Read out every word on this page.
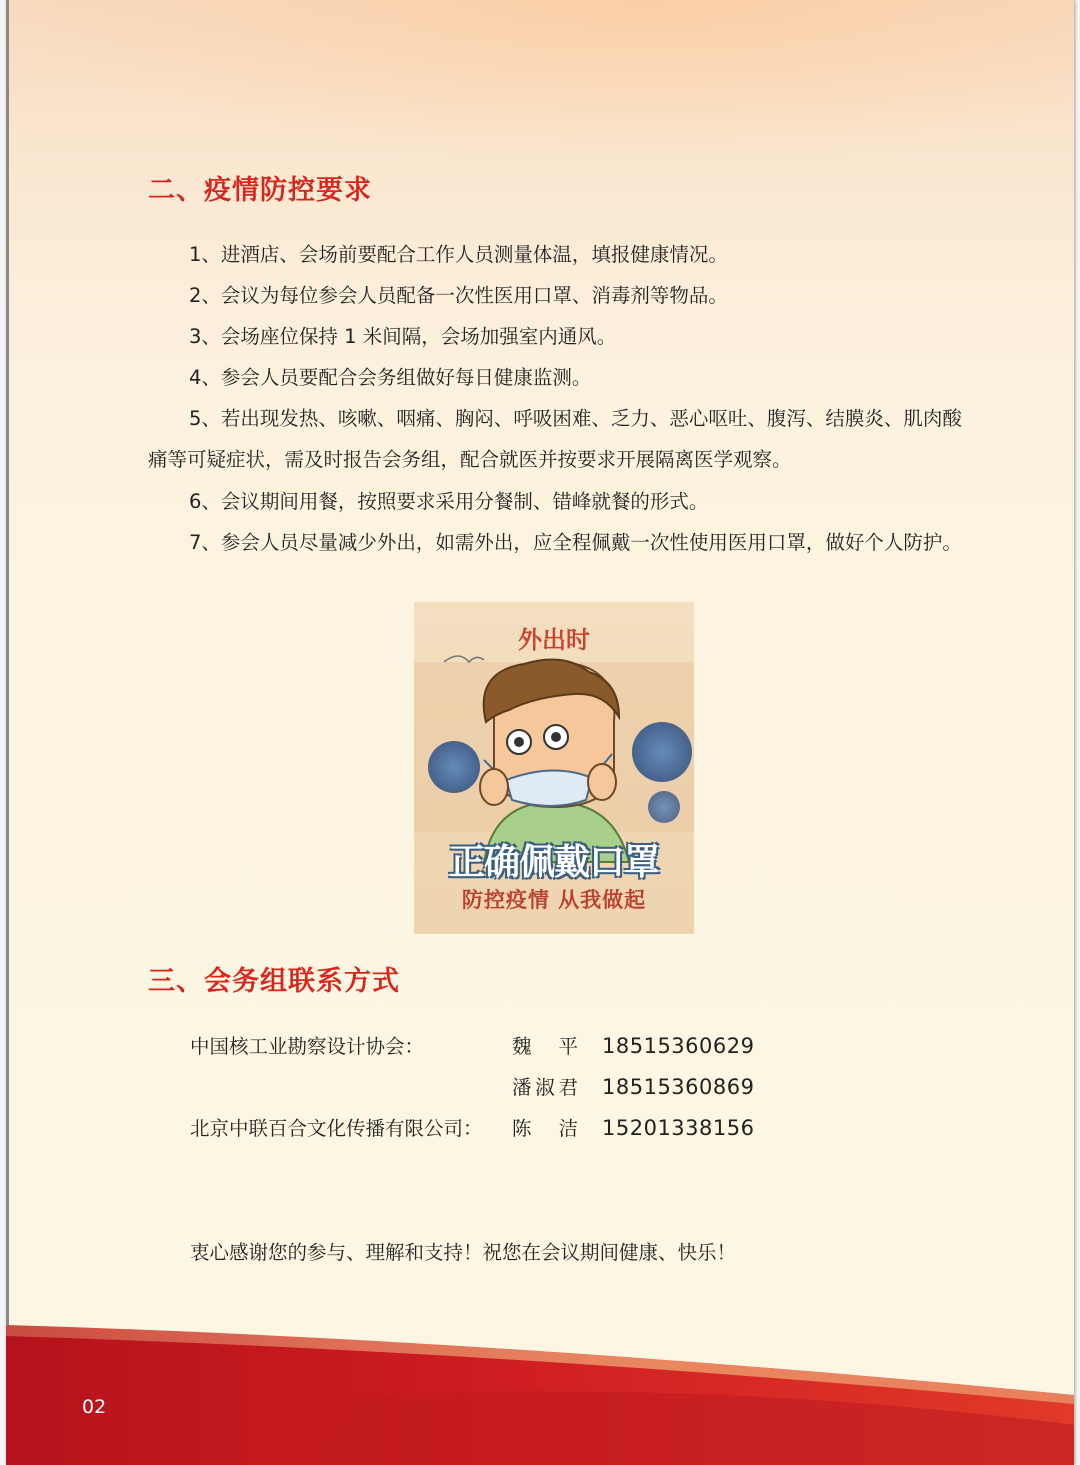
二、疫情防控要求

1、进酒店、会场前要配合工作人员测量体温，填报健康情况。

2、会议为每位参会人员配备一次性医用口罩、消毒剂等物品。

3、会场座位保持 1 米间隔，会场加强室内通风。

4、参会人员要配合会务组做好每日健康监测。

5、若出现发热、咳嗽、咽痛、胸闷、呼吸困难、乏力、恶心呕吐、腹泻、结膜炎、肌肉酸痛等可疑症状，需及时报告会务组，配合就医并按要求开展隔离医学观察。

6、会议期间用餐，按照要求采用分餐制、错峰就餐的形式。

7、参会人员尽量减少外出，如需外出，应全程佩戴一次性使用医用口罩，做好个人防护。

外出时
正确佩戴口罩
防控疫情 从我做起
三、会务组联系方式
中国核工业勘察设计协会：	魏 平 18515360629
潘 淑 君 18515360869
北京中联百合文化传播有限公司： 陈 洁 15201338156

衷心感谢您的参与、理解和支持！祝您在会议期间健康、快乐！

02
